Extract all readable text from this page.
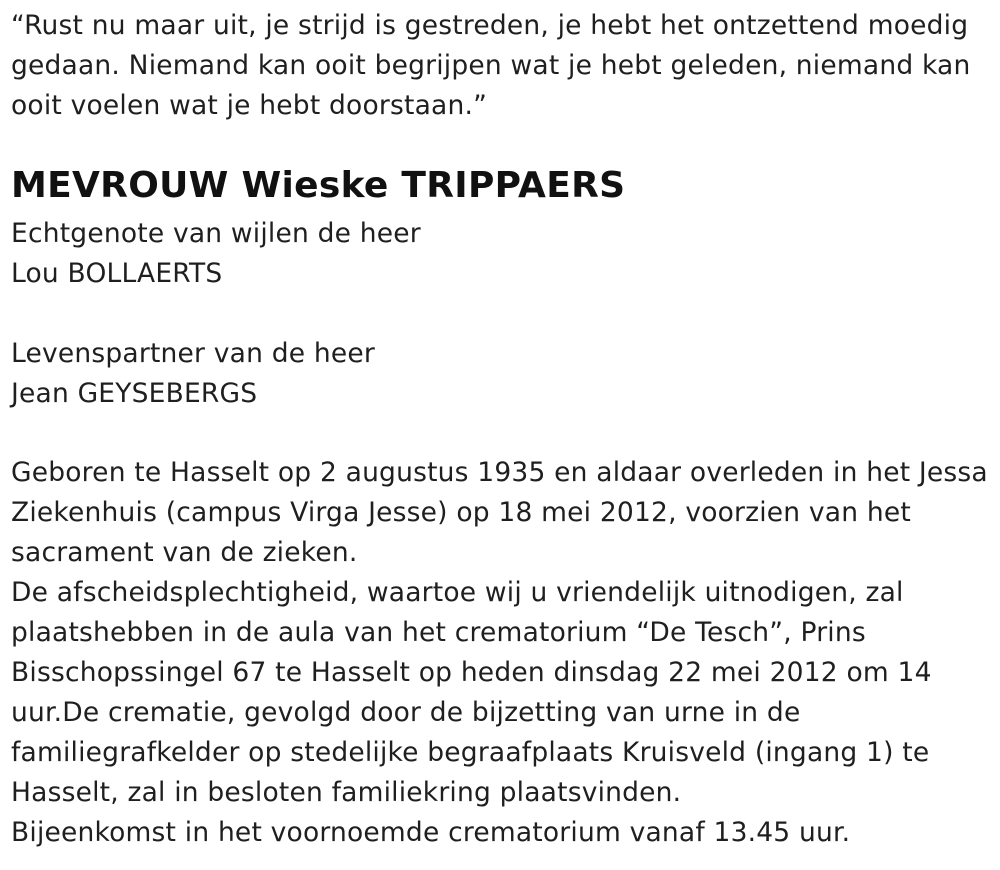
“Rust nu maar uit, je strijd is gestreden, je hebt het ontzettend moedig
gedaan. Niemand kan ooit begrijpen wat je hebt geleden, niemand kan
ooit voelen wat je hebt doorstaan.”
MEVROUW Wieske TRIPPAERS
Echtgenote van wijlen de heer
Lou BOLLAERTS
Levenspartner van de heer
Jean GEYSEBERGS
Geboren te Hasselt op 2 augustus 1935 en aldaar overleden in het Jessa
Ziekenhuis (campus Virga Jesse) op 18 mei 2012, voorzien van het
sacrament van de zieken.
De afscheidsplechtigheid, waartoe wij u vriendelijk uitnodigen, zal
plaatshebben in de aula van het crematorium “De Tesch”, Prins
Bisschopssingel 67 te Hasselt op heden dinsdag 22 mei 2012 om 14
uur.De crematie, gevolgd door de bijzetting van urne in de
familiegrafkelder op stedelijke begraafplaats Kruisveld (ingang 1) te
Hasselt, zal in besloten familiekring plaatsvinden.
Bijeenkomst in het voornoemde crematorium vanaf 13.45 uur.
